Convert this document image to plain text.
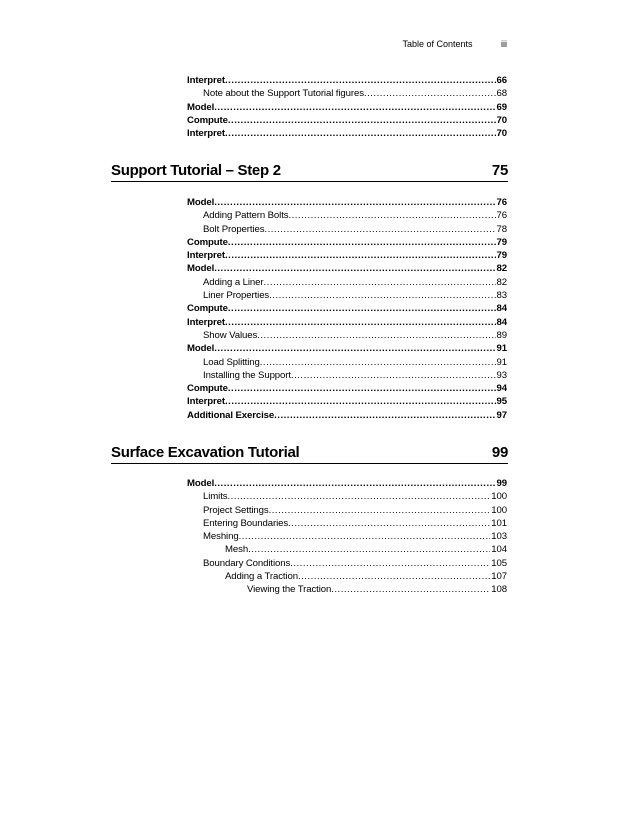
Table of Contents	iii
Interpret .....	66
Note about the Support Tutorial figures .....	68
Model .....	69
Compute .....	70
Interpret .....	70
Support Tutorial – Step 2	75
Model .....	76
Adding Pattern Bolts .....	76
Bolt Properties .....	78
Compute .....	79
Interpret .....	79
Model .....	82
Adding a Liner .....	82
Liner Properties .....	83
Compute .....	84
Interpret .....	84
Show Values .....	89
Model .....	91
Load Splitting .....	91
Installing the Support .....	93
Compute .....	94
Interpret .....	95
Additional Exercise .....	97
Surface Excavation Tutorial	99
Model .....	99
Limits .....	100
Project Settings .....	100
Entering Boundaries .....	101
Meshing .....	103
Mesh .....	104
Boundary Conditions .....	105
Adding a Traction .....	107
Viewing the Traction .....	108
